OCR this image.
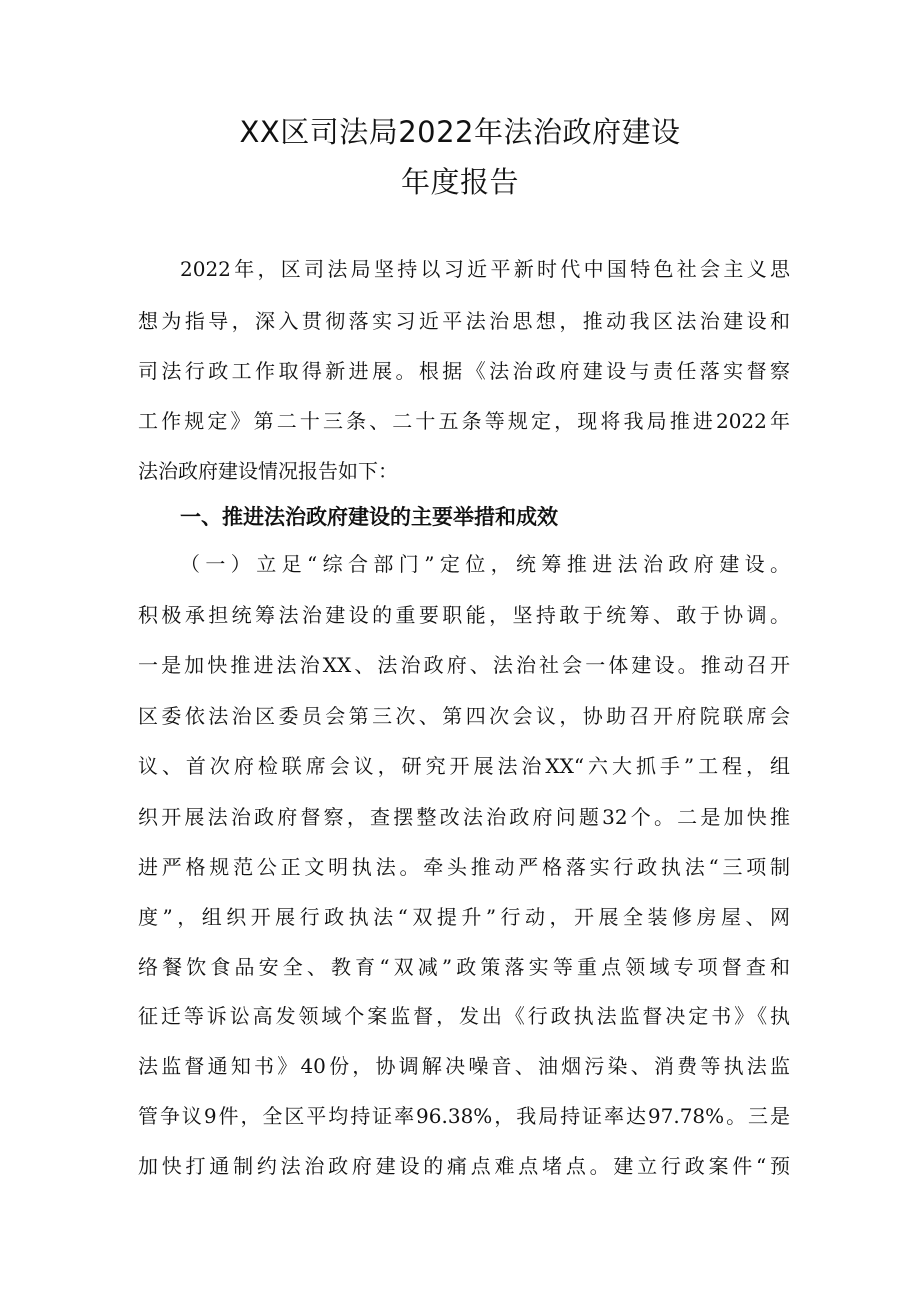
XX区司法局2022年法治政府建设
年度报告
2022年，区司法局坚持以习近平新时代中国特色社会主义思
想为指导，深入贯彻落实习近平法治思想，推动我区法治建设和
司法行政工作取得新进展。根据《法治政府建设与责任落实督察
工作规定》第二十三条、二十五条等规定，现将我局推进2022年
法治政府建设情况报告如下：
一、推进法治政府建设的主要举措和成效
（一）立足“综合部门”定位，统筹推进法治政府建设。
积极承担统筹法治建设的重要职能，坚持敢于统筹、敢于协调。
一是加快推进法治XX、法治政府、法治社会一体建设。推动召开
区委依法治区委员会第三次、第四次会议，协助召开府院联席会
议、首次府检联席会议，研究开展法治XX“六大抓手”工程，组
织开展法治政府督察，查摆整改法治政府问题32个。二是加快推
进严格规范公正文明执法。牵头推动严格落实行政执法“三项制
度”，组织开展行政执法“双提升”行动，开展全装修房屋、网
络餐饮食品安全、教育“双减”政策落实等重点领域专项督查和
征迁等诉讼高发领域个案监督，发出《行政执法监督决定书》《执
法监督通知书》40份，协调解决噪音、油烟污染、消费等执法监
管争议9件，全区平均持证率96.38%，我局持证率达97.78%。三是
加快打通制约法治政府建设的痛点难点堵点。建立行政案件“预
